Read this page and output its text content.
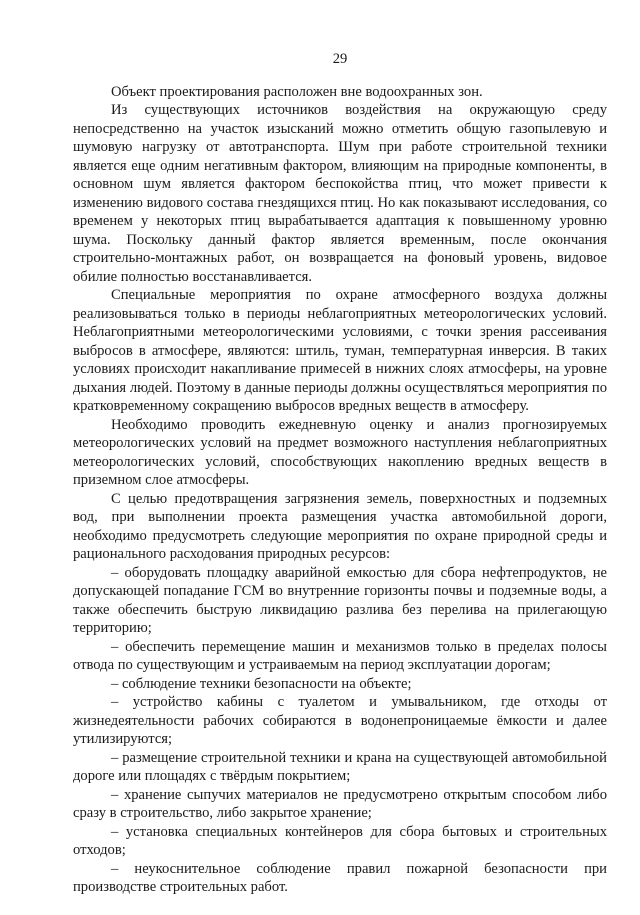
29

Объект проектирования расположен вне водоохранных зон.

Из существующих источников воздействия на окружающую среду непосредственно на участок изысканий можно отметить общую газопылевую и шумовую нагрузку от автотранспорта. Шум при работе строительной техники является еще одним негативным фактором, влияющим на природные компоненты, в основном шум является фактором беспокойства птиц, что может привести к изменению видового состава гнездящихся птиц. Но как показывают исследования, со временем у некоторых птиц вырабатывается адаптация к повышенному уровню шума. Поскольку данный фактор является временным, после окончания строительно-монтажных работ, он возвращается на фоновый уровень, видовое обилие полностью восстанавливается.

Специальные мероприятия по охране атмосферного воздуха должны реализовываться только в периоды неблагоприятных метеорологических условий. Неблагоприятными метеорологическими условиями, с точки зрения рассеивания выбросов в атмосфере, являются: штиль, туман, температурная инверсия. В таких условиях происходит накапливание примесей в нижних слоях атмосферы, на уровне дыхания людей. Поэтому в данные периоды должны осуществляться мероприятия по кратковременному сокращению выбросов вредных веществ в атмосферу.

Необходимо проводить ежедневную оценку и анализ прогнозируемых метеорологических условий на предмет возможного наступления неблагоприятных метеорологических условий, способствующих накоплению вредных веществ в приземном слое атмосферы.

С целью предотвращения загрязнения земель, поверхностных и подземных вод, при выполнении проекта размещения участка автомобильной дороги, необходимо предусмотреть следующие мероприятия по охране природной среды и рационального расходования природных ресурсов:

– оборудовать площадку аварийной емкостью для сбора нефтепродуктов, не допускающей попадание ГСМ во внутренние горизонты почвы и подземные воды, а также обеспечить быструю ликвидацию разлива без перелива на прилегающую территорию;

– обеспечить перемещение машин и механизмов только в пределах полосы отвода по существующим и устраиваемым на период эксплуатации дорогам;

– соблюдение техники безопасности на объекте;

– устройство кабины с туалетом и умывальником, где отходы от жизнедеятельности рабочих собираются в водонепроницаемые ёмкости и далее утилизируются;

– размещение строительной техники и крана на существующей автомобильной дороге или площадях с твёрдым покрытием;

– хранение сыпучих материалов не предусмотрено открытым способом либо сразу в строительство, либо закрытое хранение;

– установка специальных контейнеров для сбора бытовых и строительных отходов;

– неукоснительное соблюдение правил пожарной безопасности при производстве строительных работ.
